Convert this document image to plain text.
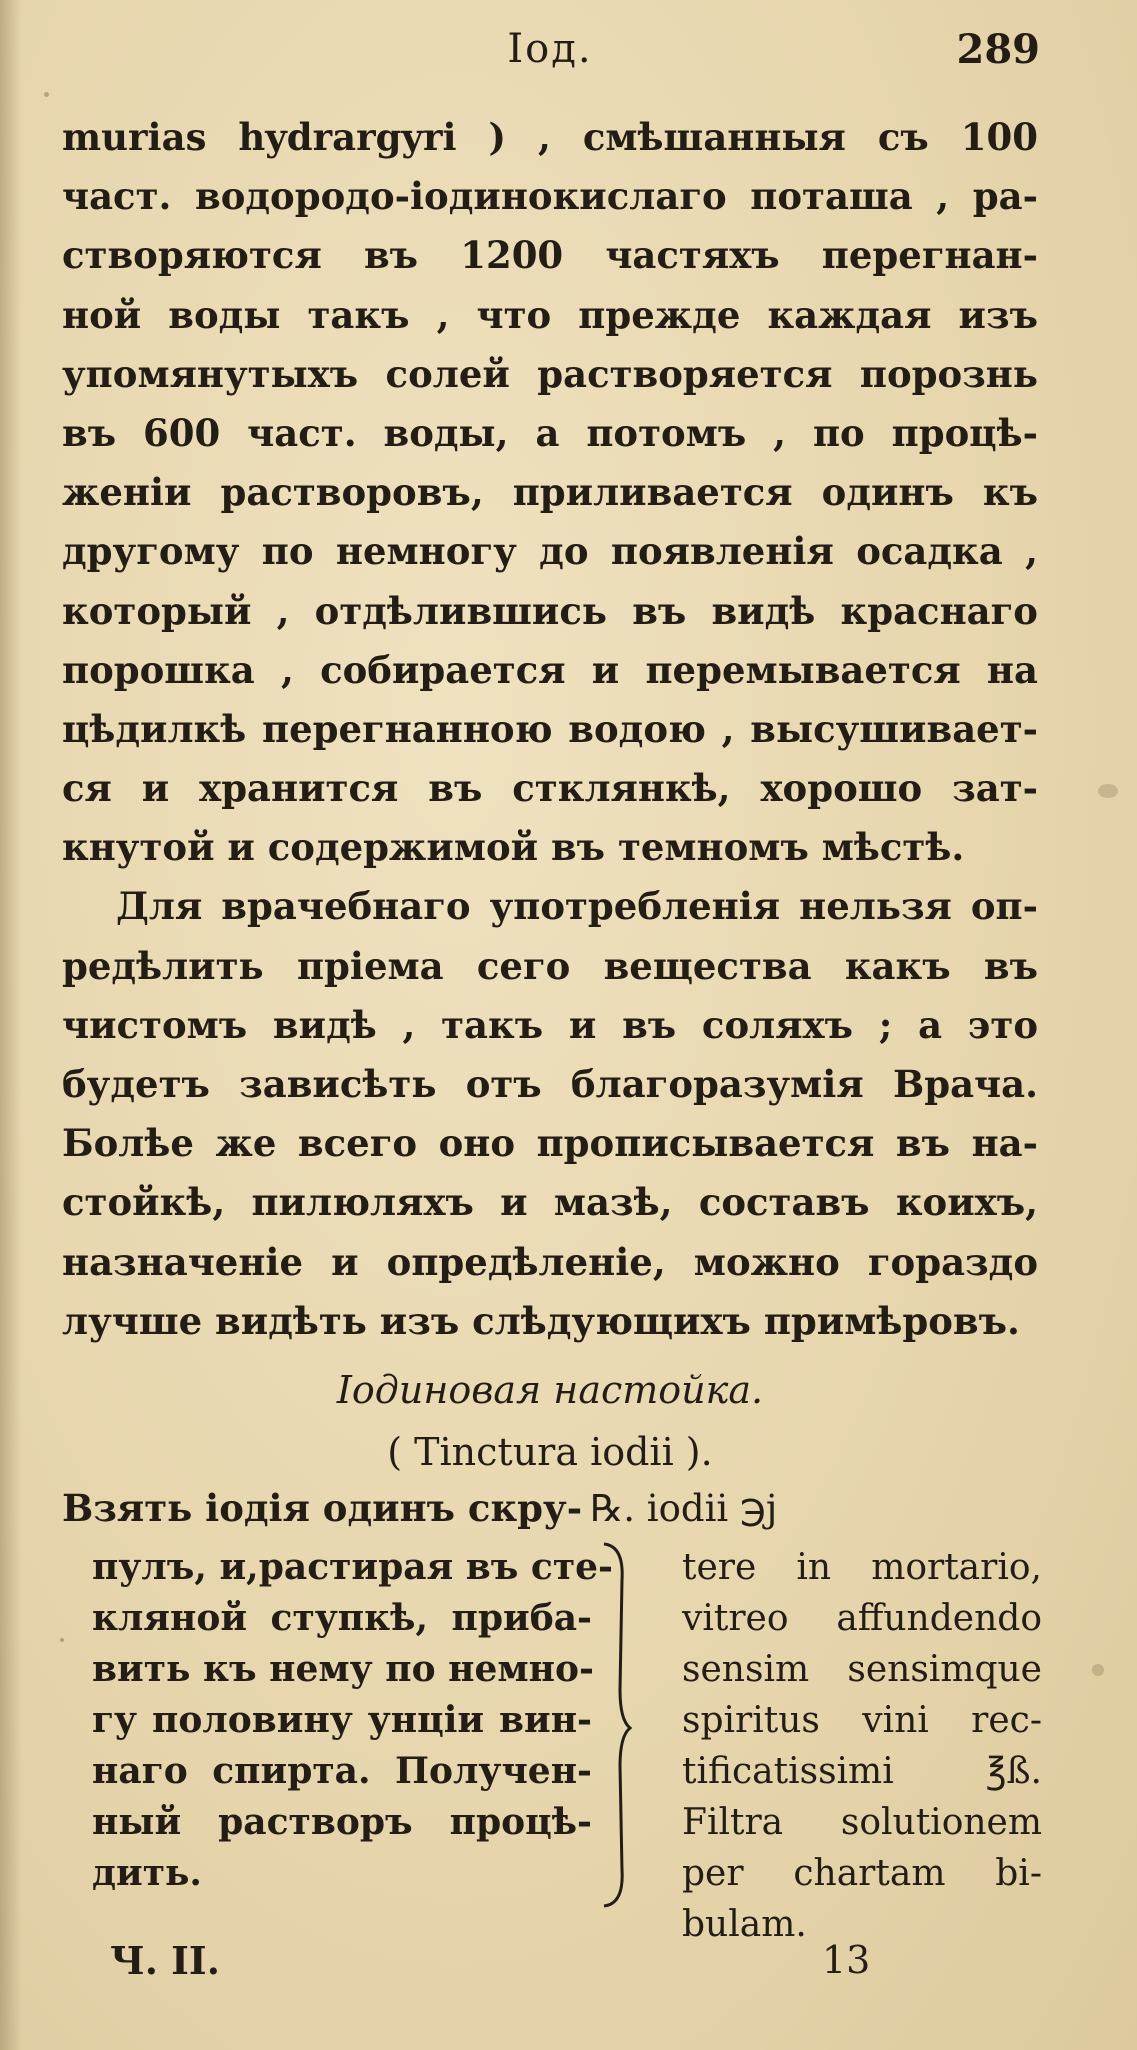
Іод.	289
murias hydrargyri ) , смѣшанныя съ 100
част. водородо-іодинокислаго поташа , ра-
створяются въ 1200 частяхъ перегнан-
ной воды такъ , что прежде каждая изъ
упомянутыхъ солей растворяется порознь
въ 600 част. воды, а потомъ , по процѣ-
женіи растворовъ, приливается одинъ къ
другому по немногу до появленія осадка ,
который , отдѣлившись въ видѣ краснаго
порошка , собирается и перемывается на
цѣдилкѣ перегнанною водою , высушивает-
ся и хранится въ стклянкѣ, хорошо зат-
кнутой и содержимой въ темномъ мѣстѣ.
Для врачебнаго употребленія нельзя оп-
редѣлить пріема сего вещества какъ въ
чистомъ видѣ , такъ и въ соляхъ ; а это
будетъ зависѣть отъ благоразумія Врача.
Болѣе же всего оно прописывается въ на-
стойкѣ, пилюляхъ и мазѣ, составъ коихъ,
назначеніе и опредѣленіе, можно гораздо
лучше видѣть изъ слѣдующихъ примѣровъ.
Іодиновая настойка.
( Tinctura iodii ).
Взять іодія одинъ скру- ℞. iodii ℈j
пулъ, и,растирая въ сте-
кляной ступкѣ, приба-
вить къ нему по немно-
гу половину унціи вин-
наго спирта. Получен-
ный растворъ процѣ-
дить.
tere in mortario,
vitreo affundendo
sensim sensimque
spiritus vini rec-
tificatissimi ℥ß.
Filtra solutionem
per chartam bi-
bulam.
Ч. II.	13
